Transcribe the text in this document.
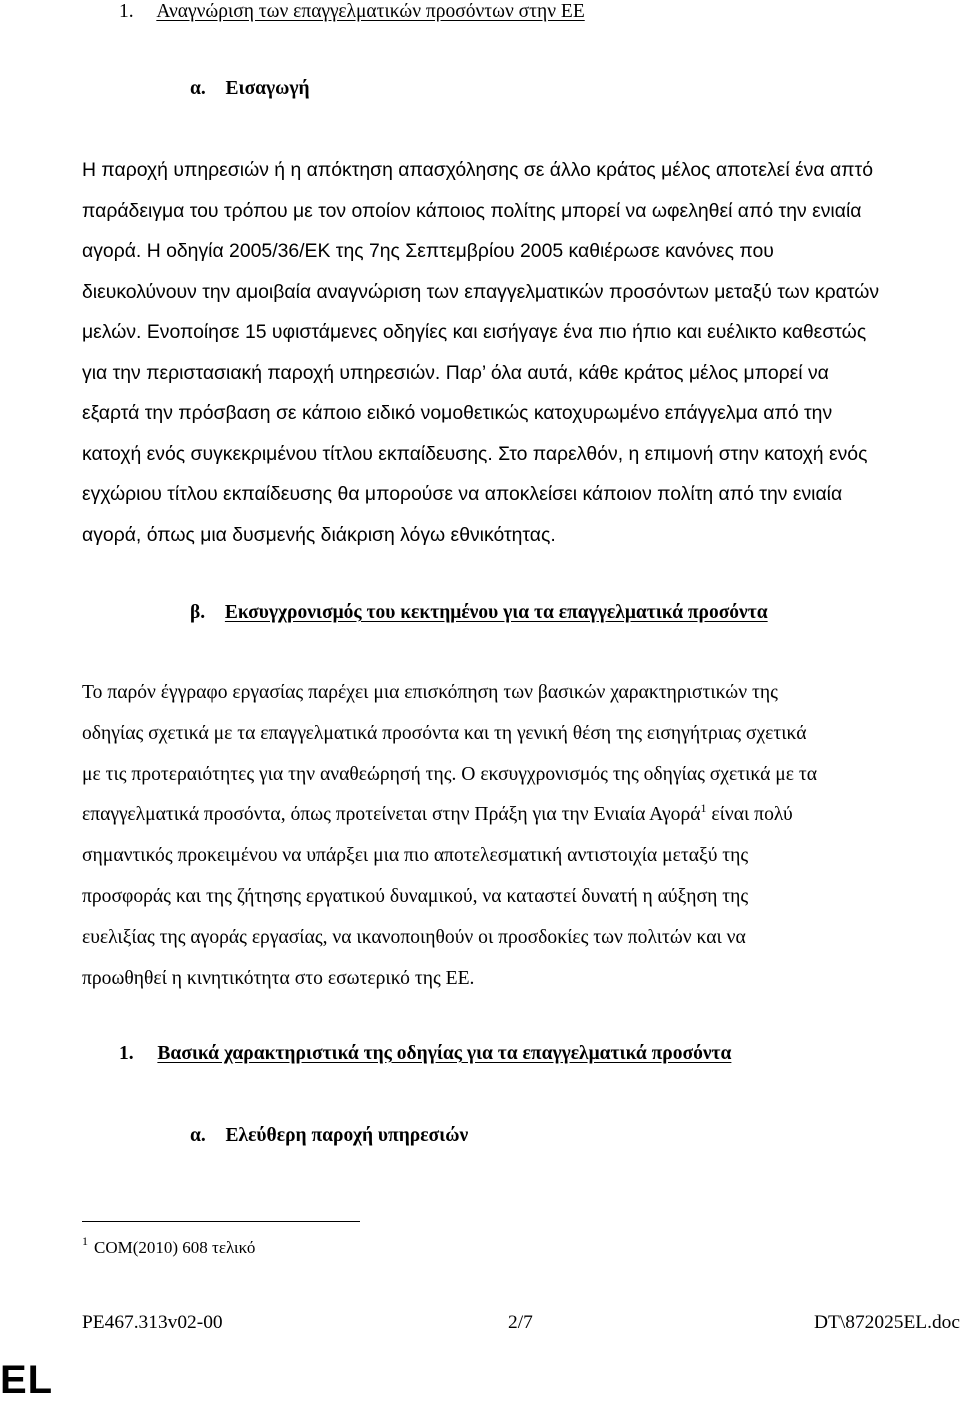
1. Αναγνώριση των επαγγελματικών προσόντων στην ΕΕ
α. Εισαγωγή
Η παροχή υπηρεσιών ή η απόκτηση απασχόλησης σε άλλο κράτος μέλος αποτελεί ένα απτό
παράδειγμα του τρόπου με τον οποίον κάποιος πολίτης μπορεί να ωφεληθεί από την ενιαία
αγορά. Η οδηγία 2005/36/ΕΚ της 7ης Σεπτεμβρίου 2005 καθιέρωσε κανόνες που
διευκολύνουν την αμοιβαία αναγνώριση των επαγγελματικών προσόντων μεταξύ των κρατών
μελών. Ενοποίησε 15 υφιστάμενες οδηγίες και εισήγαγε ένα πιο ήπιο και ευέλικτο καθεστώς
για την περιστασιακή παροχή υπηρεσιών. Παρ’ όλα αυτά, κάθε κράτος μέλος μπορεί να
εξαρτά την πρόσβαση σε κάποιο ειδικό νομοθετικώς κατοχυρωμένο επάγγελμα από την
κατοχή ενός συγκεκριμένου τίτλου εκπαίδευσης. Στο παρελθόν, η επιμονή στην κατοχή ενός
εγχώριου τίτλου εκπαίδευσης θα μπορούσε να αποκλείσει κάποιον πολίτη από την ενιαία
αγορά, όπως μια δυσμενής διάκριση λόγω εθνικότητας.
β. Εκσυγχρονισμός του κεκτημένου για τα επαγγελματικά προσόντα
Το παρόν έγγραφο εργασίας παρέχει μια επισκόπηση των βασικών χαρακτηριστικών της
οδηγίας σχετικά με τα επαγγελματικά προσόντα και τη γενική θέση της εισηγήτριας σχετικά
με τις προτεραιότητες για την αναθεώρησή της. Ο εκσυγχρονισμός της οδηγίας σχετικά με τα
επαγγελματικά προσόντα, όπως προτείνεται στην Πράξη για την Ενιαία Αγορά$^1$ είναι πολύ
σημαντικός προκειμένου να υπάρξει μια πιο αποτελεσματική αντιστοιχία μεταξύ της
προσφοράς και της ζήτησης εργατικού δυναμικού, να καταστεί δυνατή η αύξηση της
ευελιξίας της αγοράς εργασίας, να ικανοποιηθούν οι προσδοκίες των πολιτών και να
προωθηθεί η κινητικότητα στο εσωτερικό της ΕΕ.
1. Βασικά χαρακτηριστικά της οδηγίας για τα επαγγελματικά προσόντα
α. Ελεύθερη παροχή υπηρεσιών
$^1$ COM(2010) 608 τελικό
PE467.313v02-00	2/7	DT\872025EL.doc
EL
